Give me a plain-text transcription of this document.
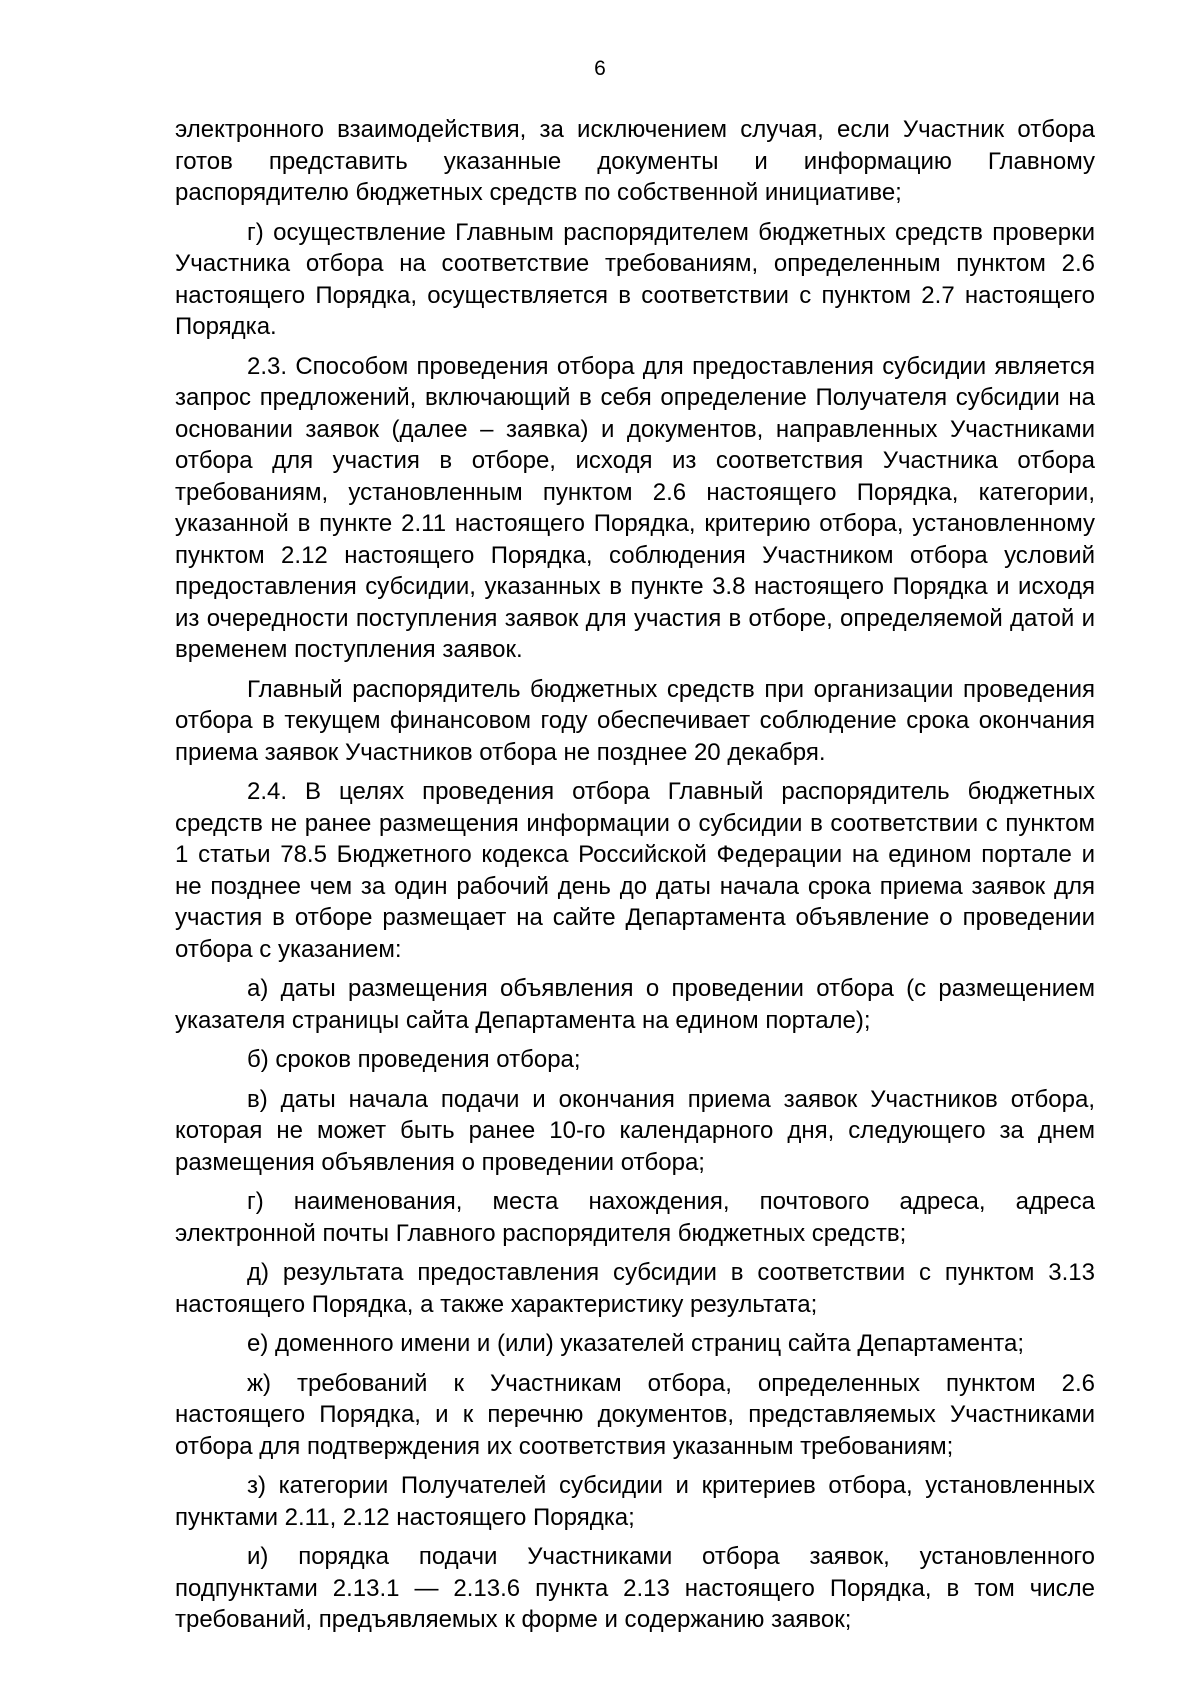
6

электронного взаимодействия, за исключением случая, если Участник отбора готов представить указанные документы и информацию Главному распорядителю бюджетных средств по собственной инициативе;

г) осуществление Главным распорядителем бюджетных средств проверки Участника отбора на соответствие требованиям, определенным пунктом 2.6 настоящего Порядка, осуществляется в соответствии с пунктом 2.7 настоящего Порядка.

2.3. Способом проведения отбора для предоставления субсидии является запрос предложений, включающий в себя определение Получателя субсидии на основании заявок (далее – заявка) и документов, направленных Участниками отбора для участия в отборе, исходя из соответствия Участника отбора требованиям, установленным пунктом 2.6 настоящего Порядка, категории, указанной в пункте 2.11 настоящего Порядка, критерию отбора, установленному пунктом 2.12 настоящего Порядка, соблюдения Участником отбора условий предоставления субсидии, указанных в пункте 3.8 настоящего Порядка и исходя из очередности поступления заявок для участия в отборе, определяемой датой и временем поступления заявок.

Главный распорядитель бюджетных средств при организации проведения отбора в текущем финансовом году обеспечивает соблюдение срока окончания приема заявок Участников отбора не позднее 20 декабря.

2.4. В целях проведения отбора Главный распорядитель бюджетных средств не ранее размещения информации о субсидии в соответствии с пунктом 1 статьи 78.5 Бюджетного кодекса Российской Федерации на едином портале и не позднее чем за один рабочий день до даты начала срока приема заявок для участия в отборе размещает на сайте Департамента объявление о проведении отбора с указанием:

а) даты размещения объявления о проведении отбора (с размещением указателя страницы сайта Департамента на едином портале);

б) сроков проведения отбора;

в) даты начала подачи и окончания приема заявок Участников отбора, которая не может быть ранее 10-го календарного дня, следующего за днем размещения объявления о проведении отбора;

г) наименования, места нахождения, почтового адреса, адреса электронной почты Главного распорядителя бюджетных средств;

д) результата предоставления субсидии в соответствии с пунктом 3.13 настоящего Порядка, а также характеристику результата;

е) доменного имени и (или) указателей страниц сайта Департамента;

ж) требований к Участникам отбора, определенных пунктом 2.6 настоящего Порядка, и к перечню документов, представляемых Участниками отбора для подтверждения их соответствия указанным требованиям;

з) категории Получателей субсидии и критериев отбора, установленных пунктами 2.11, 2.12 настоящего Порядка;

и) порядка подачи Участниками отбора заявок, установленного подпунктами 2.13.1 — 2.13.6 пункта 2.13 настоящего Порядка, в том числе требований, предъявляемых к форме и содержанию заявок;
